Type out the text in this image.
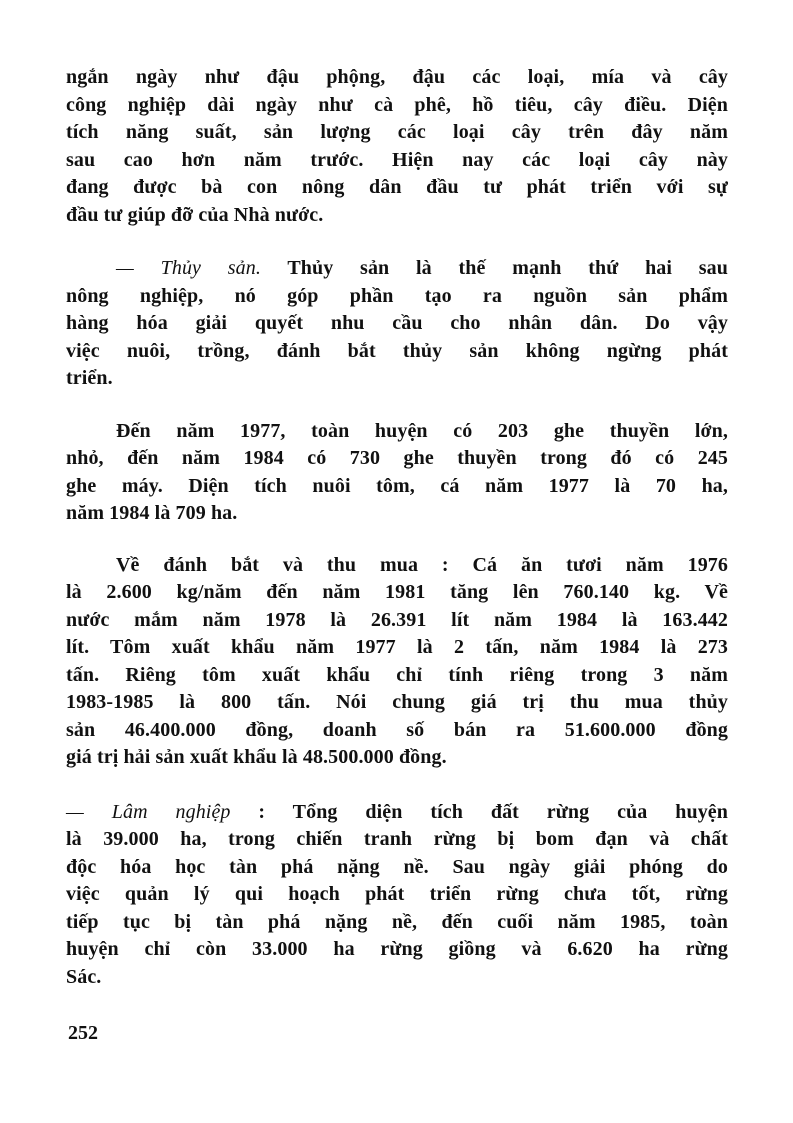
ngắn ngày như đậu phộng, đậu các loại, mía và cây
công nghiệp dài ngày như cà phê, hồ tiêu, cây điều. Diện
tích năng suất, sản lượng các loại cây trên đây năm
sau cao hơn năm trước. Hiện nay các loại cây này
đang được bà con nông dân đầu tư phát triển với sự
đầu tư giúp đỡ của Nhà nước.
— Thủy sản. Thủy sản là thế mạnh thứ hai sau
nông nghiệp, nó góp phần tạo ra nguồn sản phẩm
hàng hóa giải quyết nhu cầu cho nhân dân. Do vậy
việc nuôi, trồng, đánh bắt thủy sản không ngừng phát
triển.
Đến năm 1977, toàn huyện có 203 ghe thuyền lớn,
nhỏ, đến năm 1984 có 730 ghe thuyền trong đó có 245
ghe máy. Diện tích nuôi tôm, cá năm 1977 là 70 ha,
năm 1984 là 709 ha.
Về đánh bắt và thu mua : Cá ăn tươi năm 1976
là 2.600 kg/năm đến năm 1981 tăng lên 760.140 kg. Về
nước mắm năm 1978 là 26.391 lít năm 1984 là 163.442
lít. Tôm xuất khẩu năm 1977 là 2 tấn, năm 1984 là 273
tấn. Riêng tôm xuất khẩu chỉ tính riêng trong 3 năm
1983-1985 là 800 tấn. Nói chung giá trị thu mua thủy
sản 46.400.000 đồng, doanh số bán ra 51.600.000 đồng
giá trị hải sản xuất khẩu là 48.500.000 đồng.
— Lâm nghiệp : Tổng diện tích đất rừng của huyện
là 39.000 ha, trong chiến tranh rừng bị bom đạn và chất
độc hóa học tàn phá nặng nề. Sau ngày giải phóng do
việc quản lý qui hoạch phát triển rừng chưa tốt, rừng
tiếp tục bị tàn phá nặng nề, đến cuối năm 1985, toàn
huyện chỉ còn 33.000 ha rừng giồng và 6.620 ha rừng
Sác.
252
